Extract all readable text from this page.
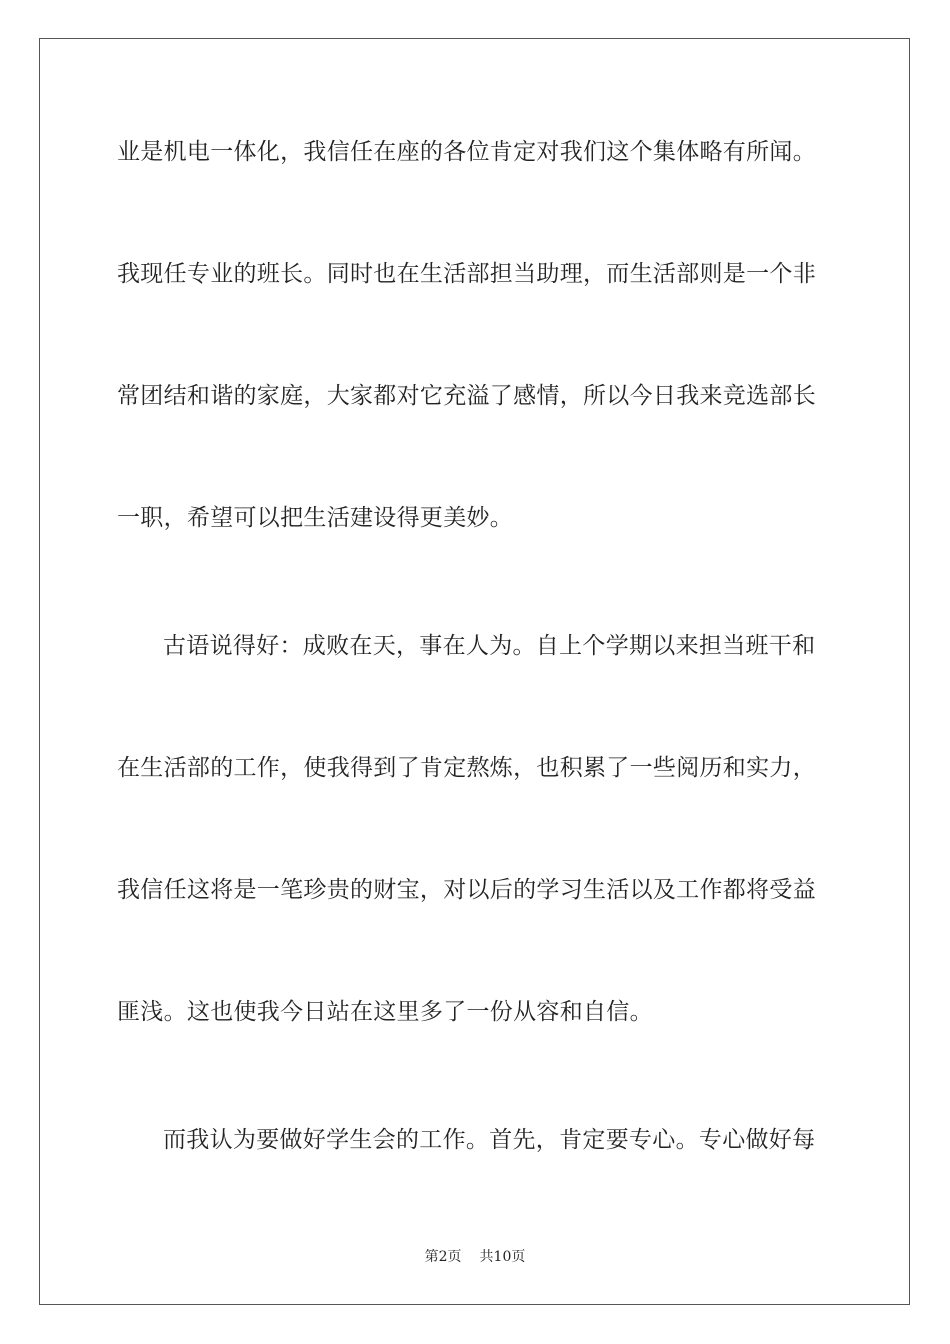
业是机电一体化，我信任在座的各位肯定对我们这个集体略有所闻。
我现任专业的班长。同时也在生活部担当助理，而生活部则是一个非
常团结和谐的家庭，大家都对它充溢了感情，所以今日我来竞选部长
一职，希望可以把生活建设得更美妙。
古语说得好：成败在天，事在人为。自上个学期以来担当班干和
在生活部的工作，使我得到了肯定熬炼，也积累了一些阅历和实力，
我信任这将是一笔珍贵的财宝，对以后的学习生活以及工作都将受益
匪浅。这也使我今日站在这里多了一份从容和自信。
而我认为要做好学生会的工作。首先，肯定要专心。专心做好每
第2页 共10页
